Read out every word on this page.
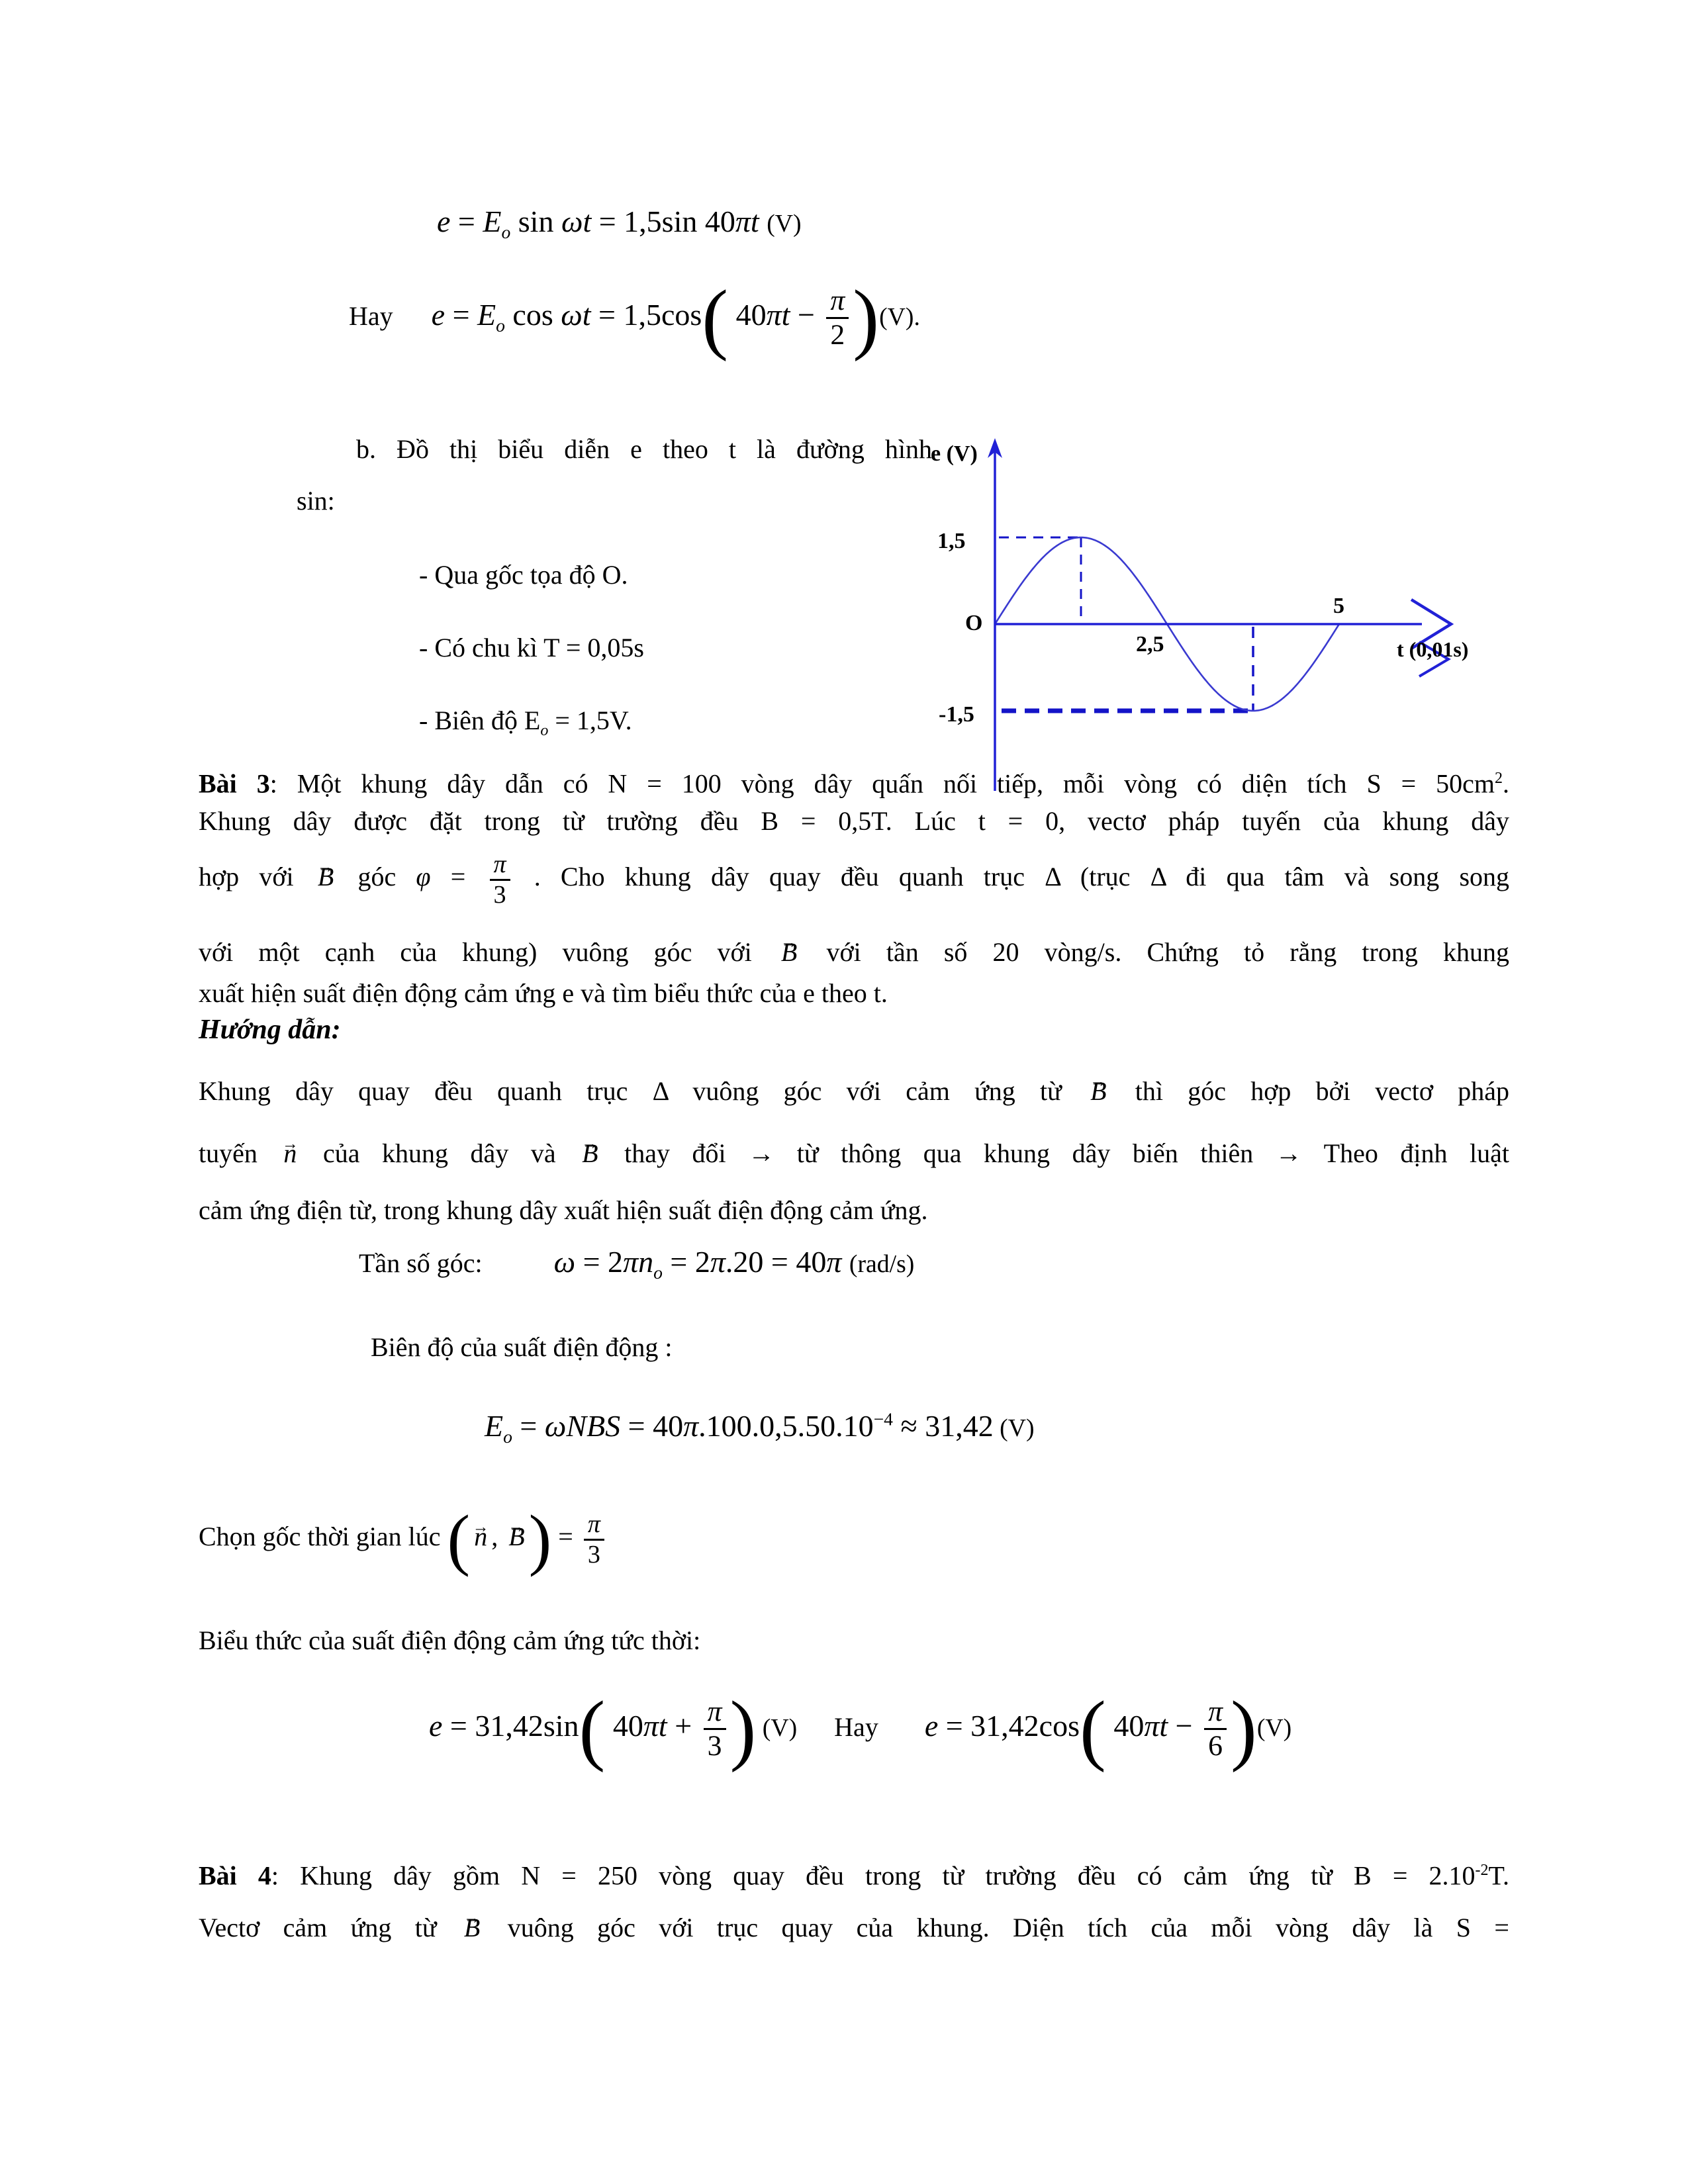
$e = E_o$ sin ωt = 1,5sin 40πt (V)
Hay $e = E_o$ cos ωt = 1,5cos( $40\pi t - \frac{\pi}{2} )(V)$.
b. Đồ thị biểu diễn e theo t là đường hình
sin:
- Qua gốc tọa độ O.
- Có chu kì T = 0,05s
- Biên độ $E_o = 1,5V$.
e (V)
1,5
O
2,5
5
t (0,01s)
-1,5
Bài 3: Một khung dây dẫn có N = 100 vòng dây quấn nối tiếp, mỗi vòng có diện tích $S = 50cm^2$.
Khung dây được đặt trong từ trường đều B = 0,5T. Lúc t = 0, vectơ pháp tuyến của khung dây
hợp với → B góc $\varphi = \frac{\pi}{3}$ . Cho khung dây quay đều quanh trục Δ (trục Δ đi qua tâm và song song
với một cạnh của khung) vuông góc với → B với tần số 20 vòng/s. Chứng tỏ rằng trong khung
xuất hiện suất điện động cảm ứng e và tìm biểu thức của e theo t.
Hướng dẫn:
Khung dây quay đều quanh trục Δ vuông góc với cảm ứng từ → B thì góc hợp bởi vectơ pháp
tuyến → n của khung dây và → B thay đổi → từ thông qua khung dây biến thiên → Theo định luật
cảm ứng điện từ, trong khung dây xuất hiện suất điện động cảm ứng.
Tần số góc: $\omega = 2\pi n_o = 2\pi.20 = 40\pi$ (rad/s)
Biên độ của suất điện động :
$E_o = \omega NBS = 40\pi.100.0,5.50.10^{-4} \approx 31,42$ (V)
Chọn gốc thời gian lúc ( → n , → $B) = \frac{\pi}{3}$
Biểu thức của suất điện động cảm ứng tức thời:
e = 31,42sin( $40\pi t + \frac{\pi}{3}$ ) (V) Hay e = 31,42cos( $40\pi t - \frac{\pi}{6} )(V)$
Bài 4: Khung dây gồm N = 250 vòng quay đều trong từ trường đều có cảm ứng từ $B = 2.10^{-2}T$.
Vectơ cảm ứng từ → B vuông góc với trục quay của khung. Diện tích của mỗi vòng dây là S =
